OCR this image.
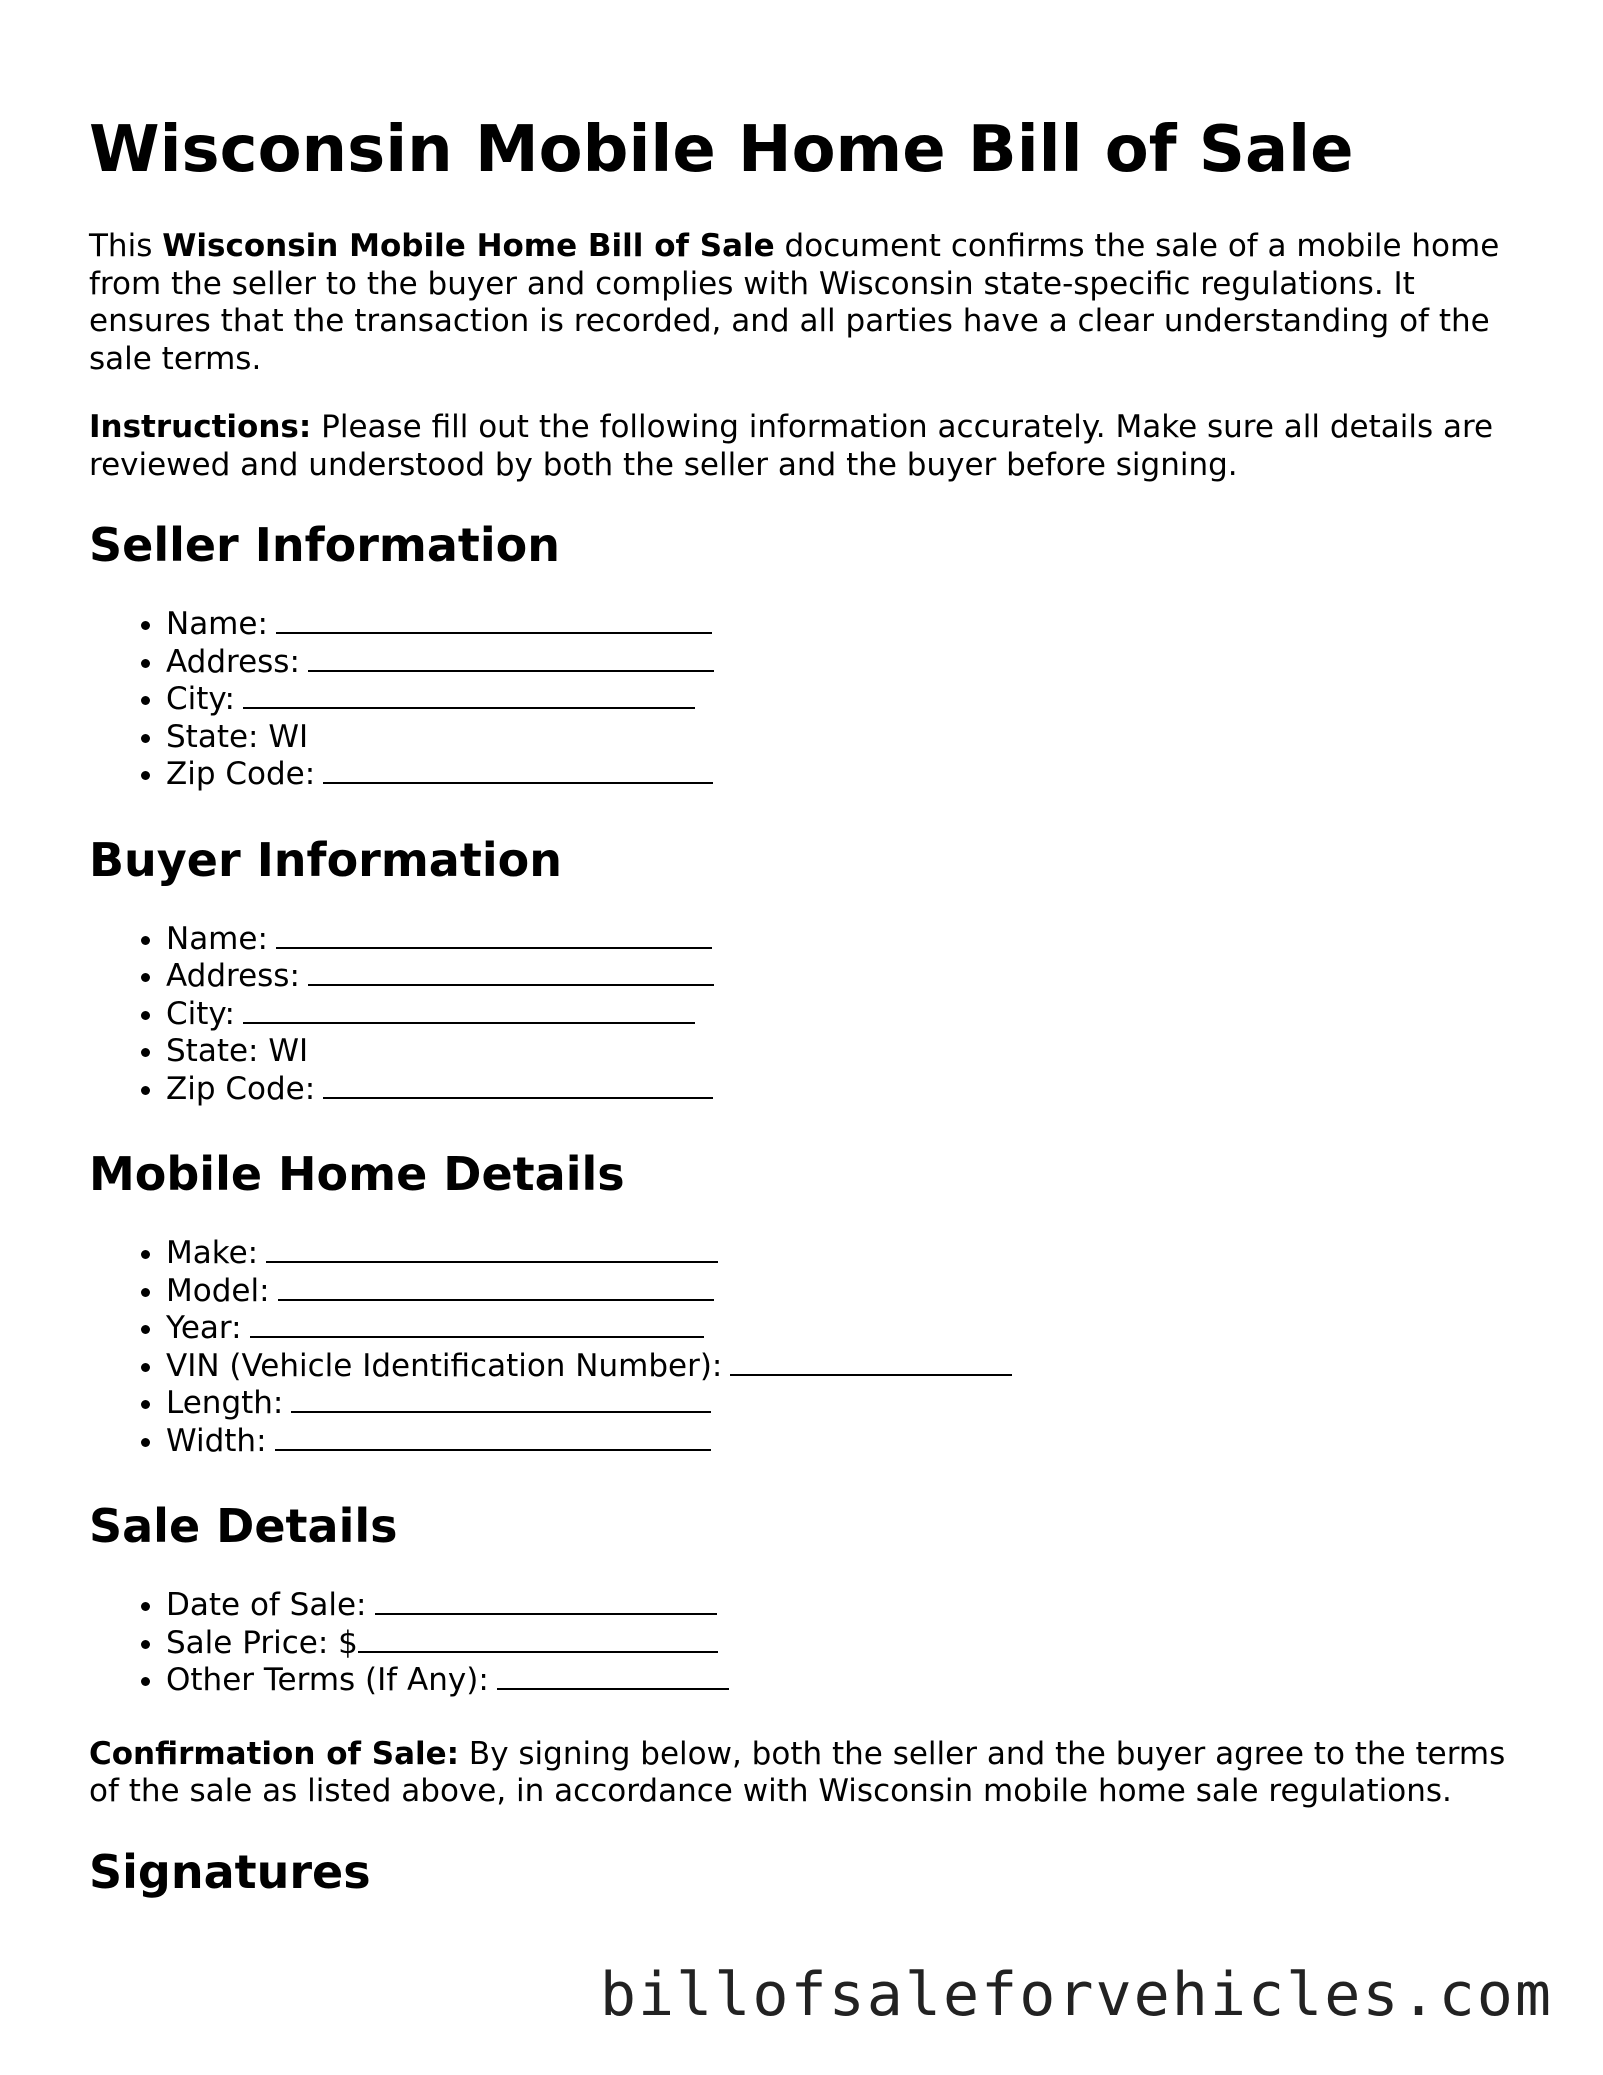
Wisconsin Mobile Home Bill of Sale

This Wisconsin Mobile Home Bill of Sale document confirms the sale of a mobile home from the seller to the buyer and complies with Wisconsin state-specific regulations. It ensures that the transaction is recorded, and all parties have a clear understanding of the sale terms.

Instructions: Please fill out the following information accurately. Make sure all details are reviewed and understood by both the seller and the buyer before signing.

Seller Information
• Name:
• Address:
• City:
• State: WI
• Zip Code:
Buyer Information
• Name:
• Address:
• City:
• State: WI
• Zip Code:
Mobile Home Details
• Make:
• Model:
• Year:
• VIN (Vehicle Identification Number):
• Length:
• Width:
Sale Details
• Date of Sale:
• Sale Price: $
• Other Terms (If Any):

Confirmation of Sale: By signing below, both the seller and the buyer agree to the terms of the sale as listed above, in accordance with Wisconsin mobile home sale regulations.

Signatures
billofsaleforvehicles.com
